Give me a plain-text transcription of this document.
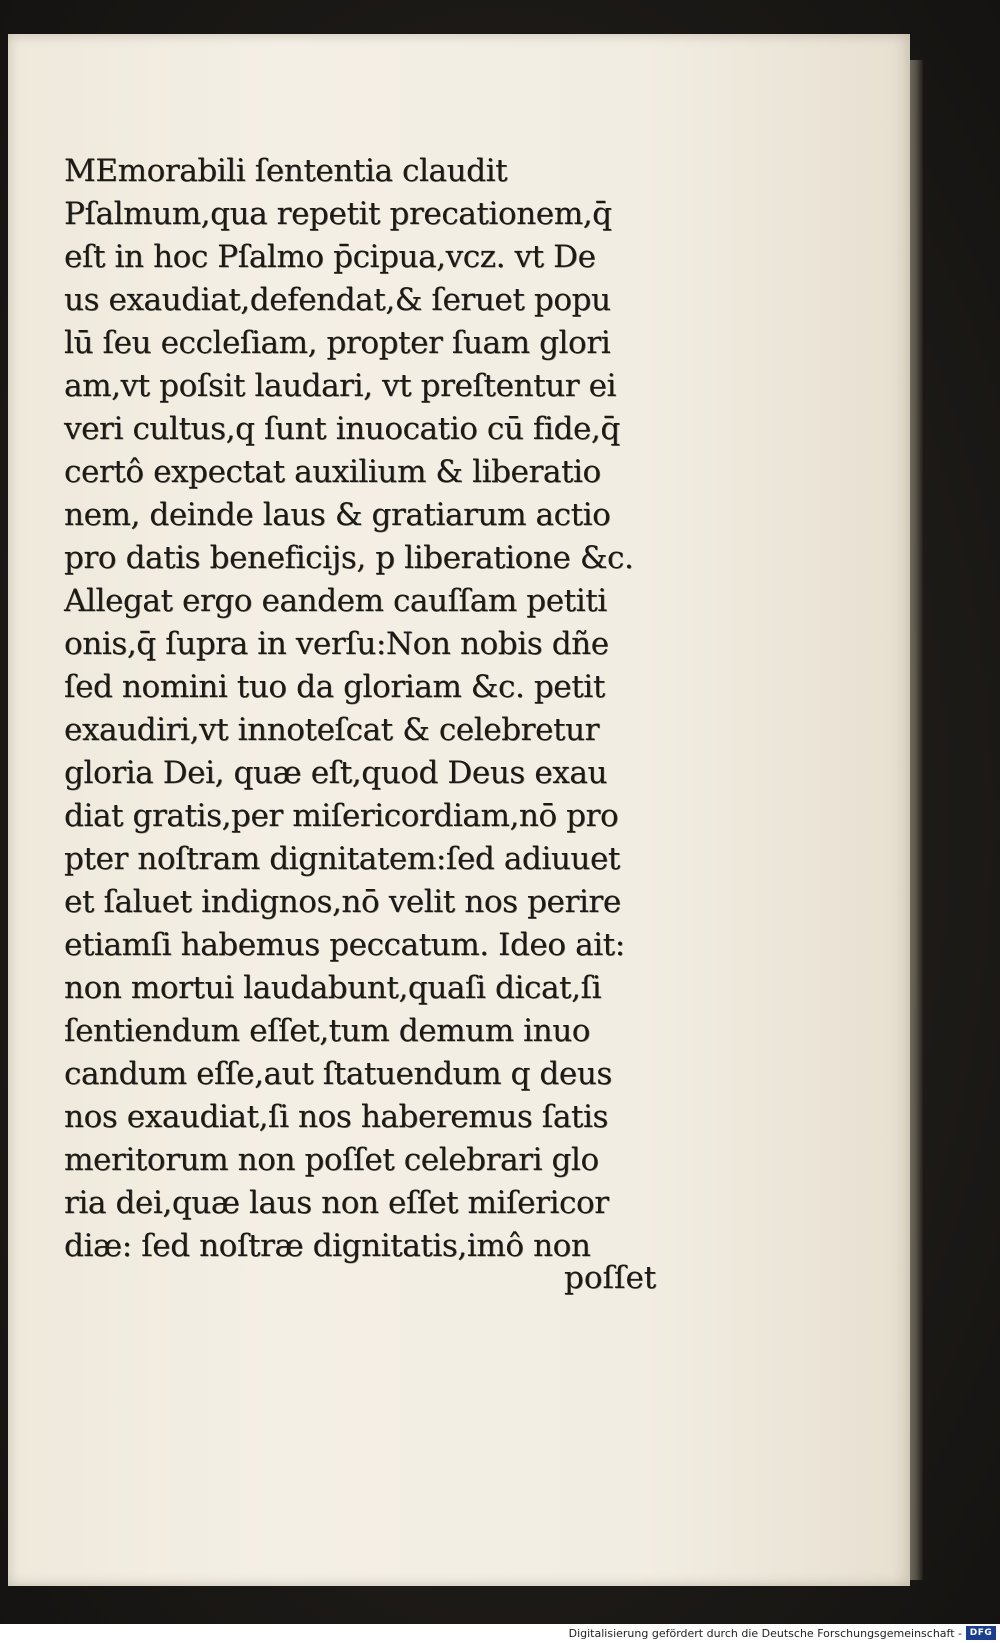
MEmorabili ſententia claudit
Pſalmum,qua repetit precationem,q̄
eſt in hoc Pſalmo p̄cipua,vcz. vt De
us exaudiat,defendat,& ſeruet popu
lū ſeu eccleſiam, propter ſuam glori
am,vt poſsit laudari, vt preſtentur ei
veri cultus,q ſunt inuocatio cū fide,q̄
certô expectat auxilium & liberatio
nem, deinde laus & gratiarum actio
pro datis beneficijs, p liberatione &c.
Allegat ergo eandem cauſſam petiti
onis,q̄ ſupra in verſu:Non nobis dñe
ſed nomini tuo da gloriam &c. petit
exaudiri,vt innoteſcat & celebretur
gloria Dei, quæ eſt,quod Deus exau
diat gratis,per miſericordiam,nō pro
pter noſtram dignitatem:ſed adiuuet
et ſaluet indignos,nō velit nos perire
etiamſi habemus peccatum. Ideo ait:
non mortui laudabunt,quaſi dicat,ſi
ſentiendum eſſet,tum demum inuo
candum eſſe,aut ſtatuendum q deus
nos exaudiat,ſi nos haberemus ſatis
meritorum non poſſet celebrari glo
ria dei,quæ laus non eſſet miſericor
diæ: ſed noſtræ dignitatis,imô non
poſſet
Digitalisierung gefördert durch die Deutsche Forschungsgemeinschaft - DFG
